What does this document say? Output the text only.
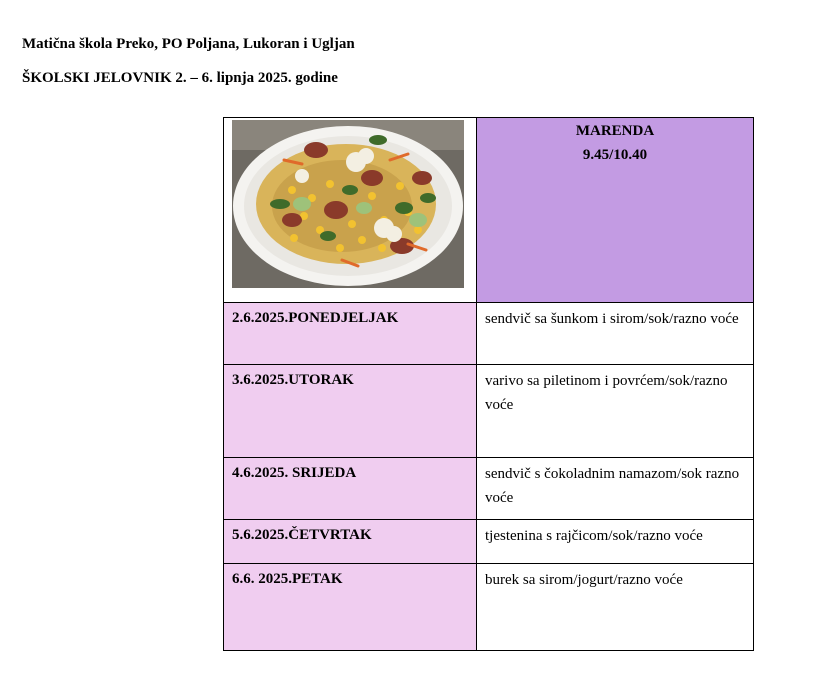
Matična škola Preko, PO Poljana, Lukoran i Ugljan
ŠKOLSKI JELOVNIK 2. – 6. lipnja 2025. godine

MARENDA
9.45/10.40

2.6.2025.PONEDJELJAK	sendvič sa šunkom i sirom/sok/razno voće
3.6.2025.UTORAK	varivo sa piletinom i povrćem/sok/razno voće
4.6.2025. SRIJEDA	sendvič s čokoladnim namazom/sok razno voće
5.6.2025.ČETVRTAK	tjestenina s rajčicom/sok/razno voće
6.6. 2025.PETAK	burek sa sirom/jogurt/razno voće
